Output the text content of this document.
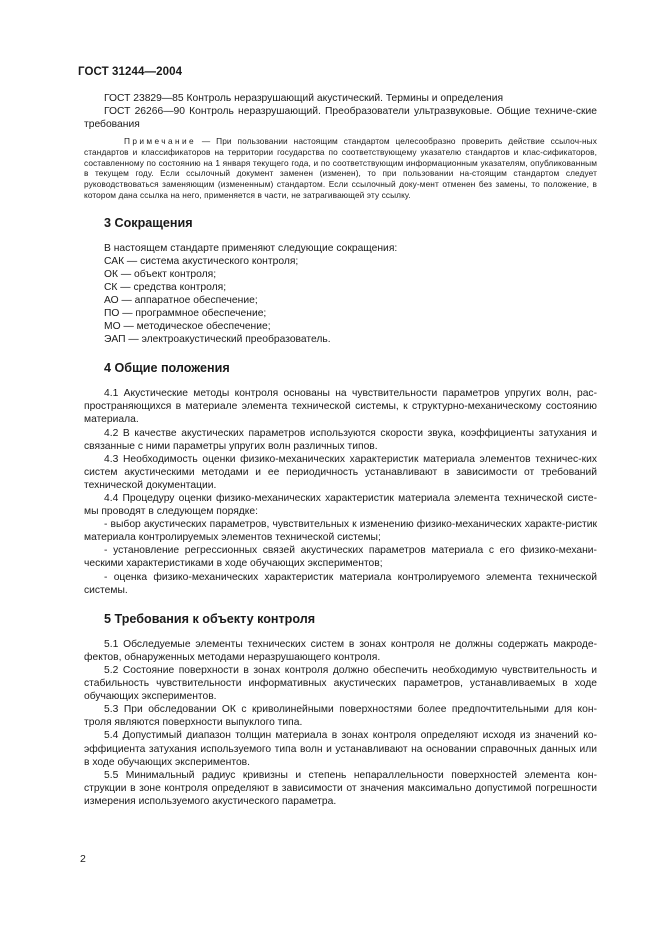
ГОСТ 31244—2004

ГОСТ 23829—85 Контроль неразрушающий акустический. Термины и определения

ГОСТ 26266—90 Контроль неразрушающий. Преобразователи ультразвуковые. Общие техниче-ские требования

Примечание — При пользовании настоящим стандартом целесообразно проверить действие ссылоч-ных стандартов и классификаторов на территории государства по соответствующему указателю стандартов и клас-сификаторов, составленному по состоянию на 1 января текущего года, и по соответствующим информационным указателям, опубликованным в текущем году. Если ссылочный документ заменен (изменен), то при пользовании на-стоящим стандартом следует руководствоваться заменяющим (измененным) стандартом. Если ссылочный доку-мент отменен без замены, то положение, в котором дана ссылка на него, применяется в части, не затрагивающей эту ссылку.

3 Сокращения

В настоящем стандарте применяют следующие сокращения:

САК — система акустического контроля;

ОК — объект контроля;

СК — средства контроля;

АО — аппаратное обеспечение;

ПО — программное обеспечение;

МО — методическое обеспечение;

ЭАП — электроакустический преобразователь.

4 Общие положения

4.1 Акустические методы контроля основаны на чувствительности параметров упругих волн, рас-пространяющихся в материале элемента технической системы, к структурно-механическому состоянию материала.

4.2 В качестве акустических параметров используются скорости звука, коэффициенты затухания и связанные с ними параметры упругих волн различных типов.

4.3 Необходимость оценки физико-механических характеристик материала элементов техничес-ких систем акустическими методами и ее периодичность устанавливают в зависимости от требований технической документации.

4.4 Процедуру оценки физико-механических характеристик материала элемента технической систе-мы проводят в следующем порядке:

- выбор акустических параметров, чувствительных к изменению физико-механических характе-ристик материала контролируемых элементов технической системы;

- установление регрессионных связей акустических параметров материала с его физико-механи-ческими характеристиками в ходе обучающих экспериментов;

- оценка физико-механических характеристик материала контролируемого элемента технической системы.

5 Требования к объекту контроля

5.1 Обследуемые элементы технических систем в зонах контроля не должны содержать макроде-фектов, обнаруженных методами неразрушающего контроля.

5.2 Состояние поверхности в зонах контроля должно обеспечить необходимую чувствительность и стабильность чувствительности информативных акустических параметров, устанавливаемых в ходе обучающих экспериментов.

5.3 При обследовании ОК с криволинейными поверхностями более предпочтительными для кон-троля являются поверхности выпуклого типа.

5.4 Допустимый диапазон толщин материала в зонах контроля определяют исходя из значений ко-эффициента затухания используемого типа волн и устанавливают на основании справочных данных или в ходе обучающих экспериментов.

5.5 Минимальный радиус кривизны и степень непараллельности поверхностей элемента кон-струкции в зоне контроля определяют в зависимости от значения максимально допустимой погрешности измерения используемого акустического параметра.

2
